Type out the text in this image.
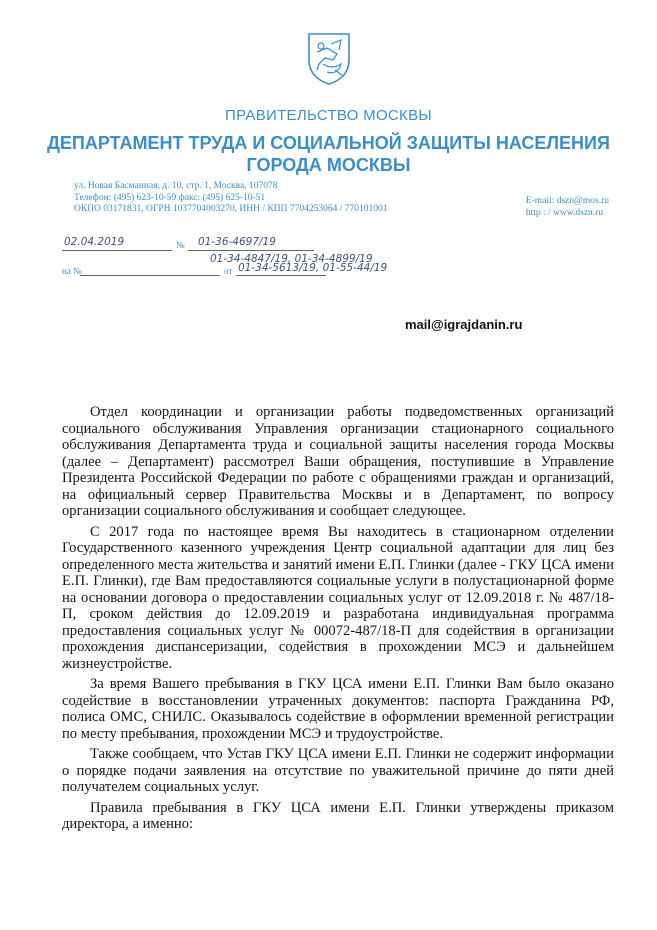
ПРАВИТЕЛЬСТВО МОСКВЫ
ДЕПАРТАМЕНТ ТРУДА И СОЦИАЛЬНОЙ ЗАЩИТЫ НАСЕЛЕНИЯ
ГОРОДА МОСКВЫ
ул. Новая Басманная, д. 10, стр. 1, Москва, 107078
Телефон: (495) 623-10-59 факс: (495) 625-10-51
ОКПО 03171831, ОГРН 1037704003270, ИНН / КПП 7704253064 / 770101001
E-mail: dszn@mos.ru
http : / www.dszn.ru
02.04.2019	№ 01-36-4697/19
01-34-4847/19, 01-34-4899/19
на №	от 01-34-5613/19, 01-55-44/19
mail@igrajdanin.ru

Отдел координации и организации работы подведомственных организаций социального обслуживания Управления организации стационарного социального обслуживания Департамента труда и социальной защиты населения города Москвы (далее – Департамент) рассмотрел Ваши обращения, поступившие в Управление Президента Российской Федерации по работе с обращениями граждан и организаций, на официальный сервер Правительства Москвы и в Департамент, по вопросу организации социального обслуживания и сообщает следующее.

С 2017 года по настоящее время Вы находитесь в стационарном отделении Государственного казенного учреждения Центр социальной адаптации для лиц без определенного места жительства и занятий имени Е.П. Глинки (далее - ГКУ ЦСА имени Е.П. Глинки), где Вам предоставляются социальные услуги в полустационарной форме на основании договора о предоставлении социальных услуг от 12.09.2018 г. № 487/18-П, сроком действия до 12.09.2019 и разработана индивидуальная программа предоставления социальных услуг № 00072-487/18-П для содействия в организации прохождения диспансеризации, содействия в прохождении МСЭ и дальнейшем жизнеустройстве.

За время Вашего пребывания в ГКУ ЦСА имени Е.П. Глинки Вам было оказано содействие в восстановлении утраченных документов: паспорта Гражданина РФ, полиса ОМС, СНИЛС. Оказывалось содействие в оформлении временной регистрации по месту пребывания, прохождении МСЭ и трудоустройстве.

Также сообщаем, что Устав ГКУ ЦСА имени Е.П. Глинки не содержит информации о порядке подачи заявления на отсутствие по уважительной причине до пяти дней получателем социальных услуг.

Правила пребывания в ГКУ ЦСА имени Е.П. Глинки утверждены приказом директора, а именно:
